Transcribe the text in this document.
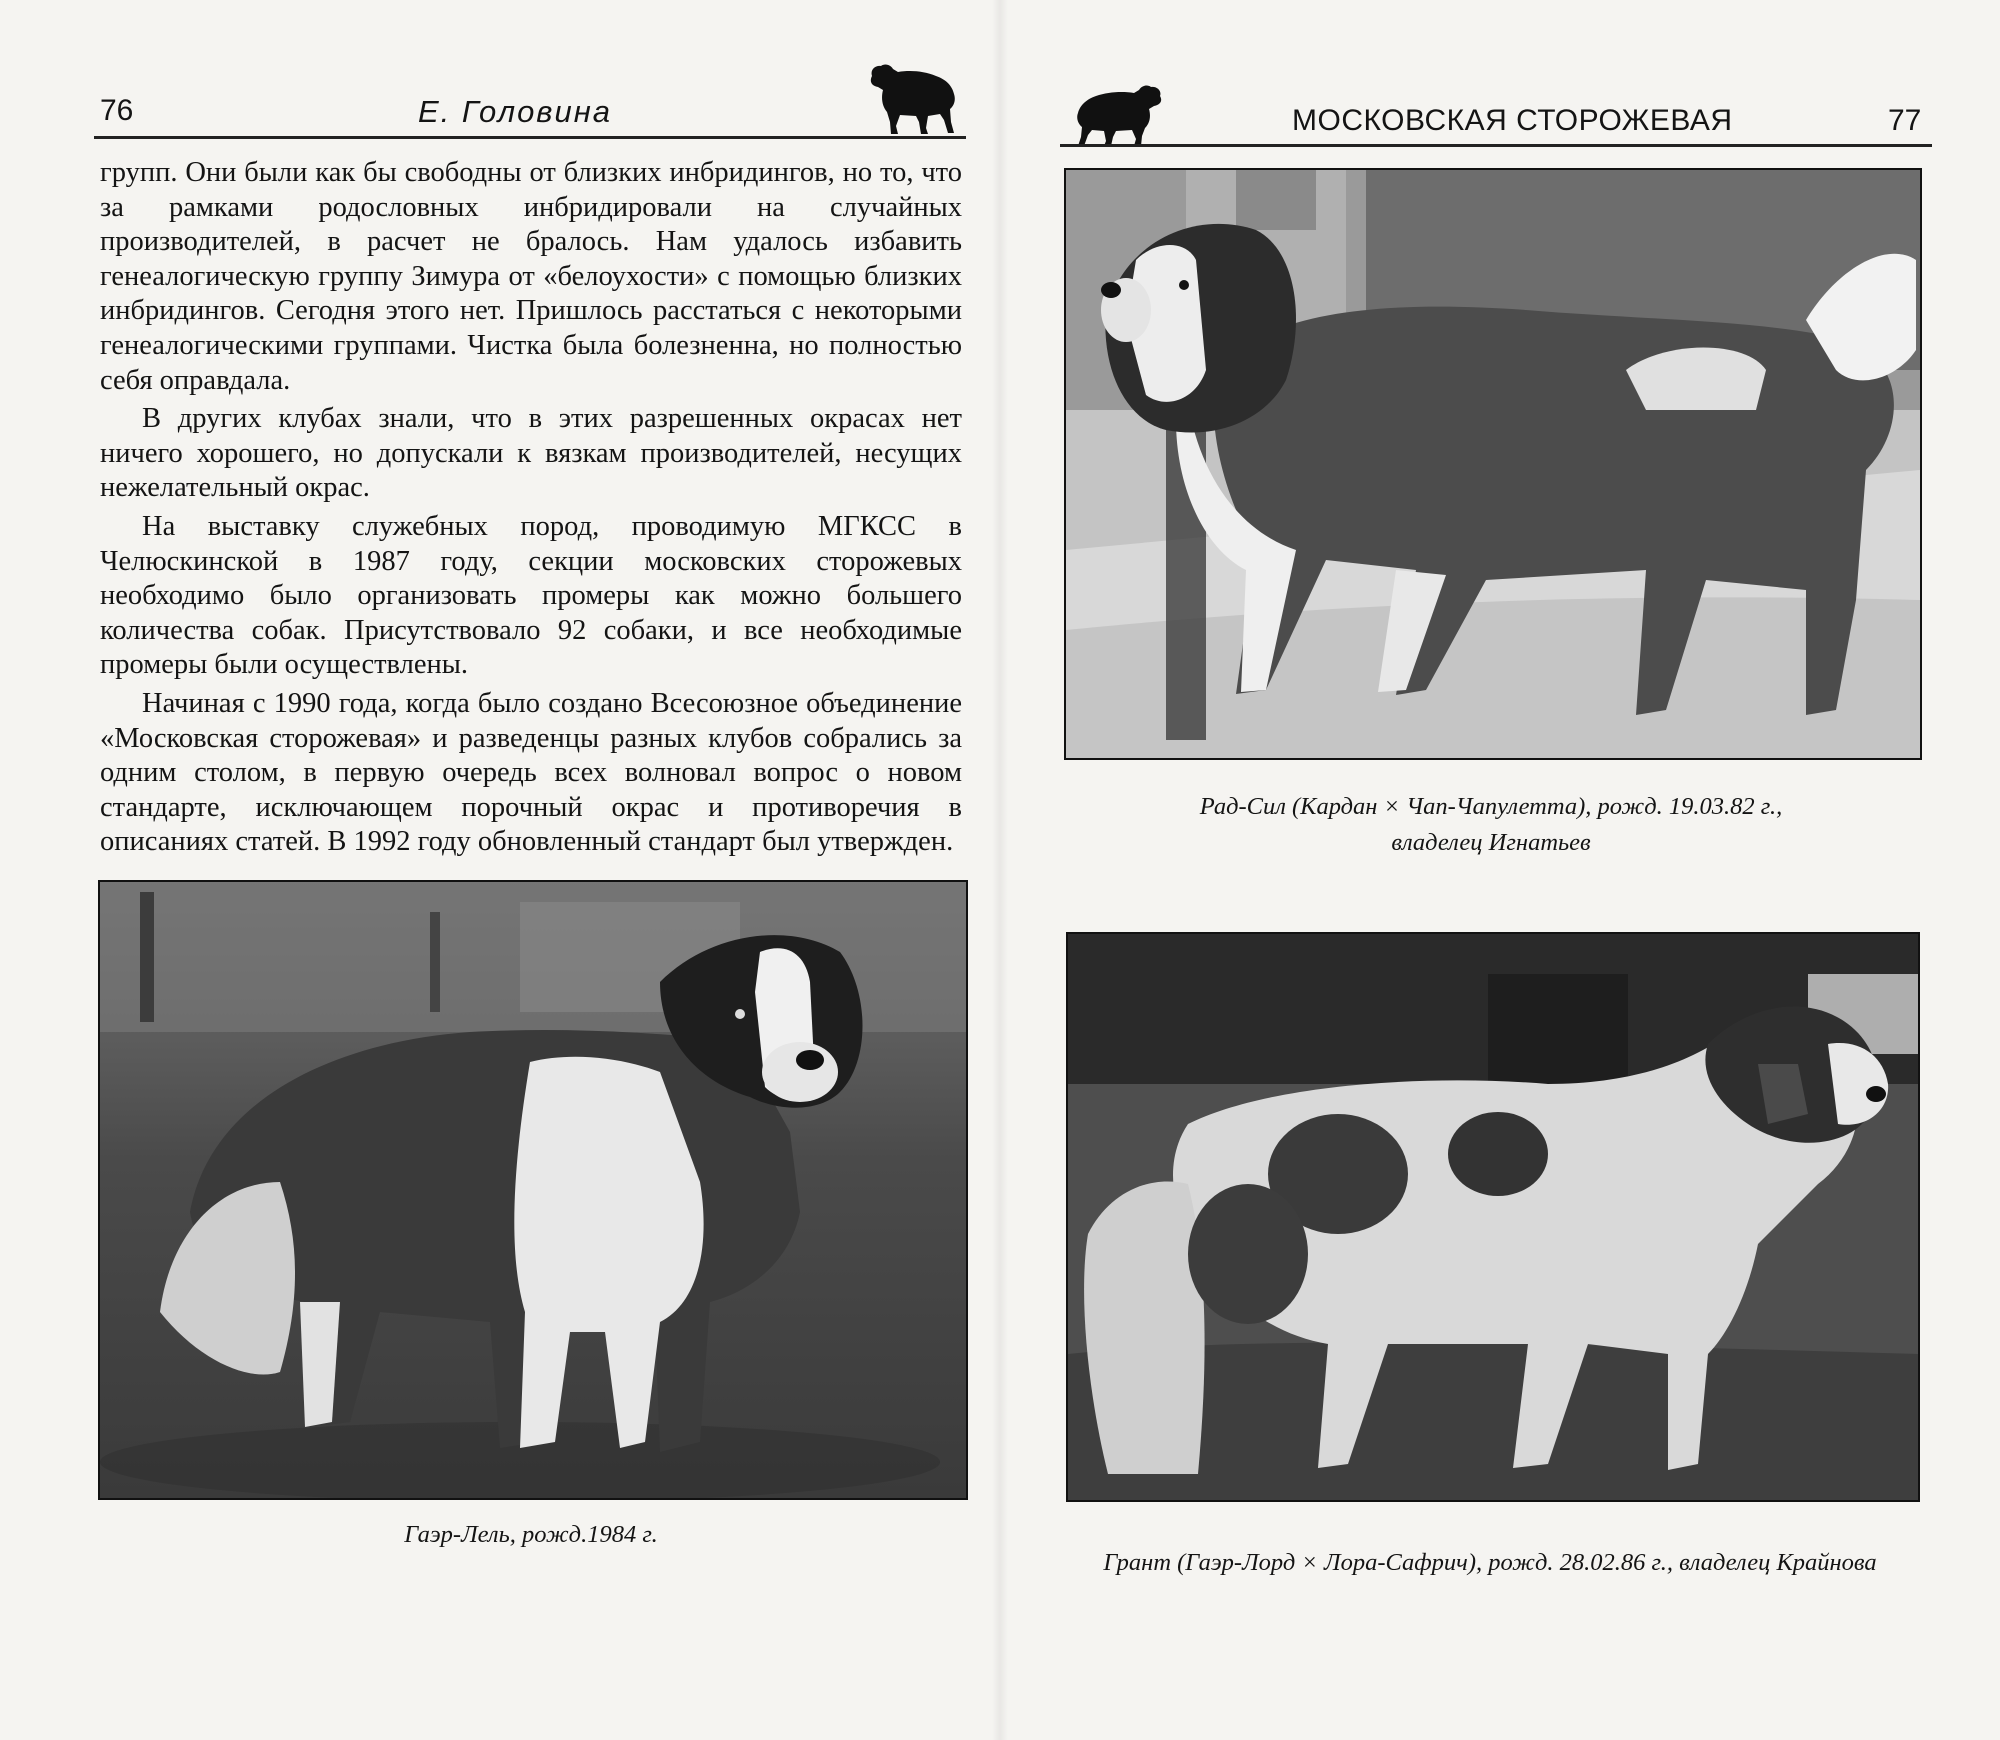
76	Е. Головина

групп. Они были как бы свободны от близких инбридингов, но то, что за рамками родословных инбридировали на случайных производителей, в расчет не бралось. Нам удалось избавить генеалогическую группу Зимура от «белоухости» с помощью близких инбридингов. Сегодня этого нет. Пришлось расстаться с некоторыми генеалогическими группами. Чистка была болезненна, но полностью себя оправдала.

В других клубах знали, что в этих разрешенных окрасах нет ничего хорошего, но допускали к вязкам производителей, несущих нежелательный окрас.

На выставку служебных пород, проводимую МГКСС в Челюскинской в 1987 году, секции московских сторожевых необходимо было организовать промеры как можно большего количества собак. Присутствовало 92 собаки, и все необходимые промеры были осуществлены.

Начиная с 1990 года, когда было создано Всесоюзное объединение «Московская сторожевая» и разведенцы разных клубов собрались за одним столом, в первую очередь всех волновал вопрос о новом стандарте, исключающем порочный окрас и противоречия в описаниях статей. В 1992 году обновленный стандарт был утвержден.

Гаэр-Лель, рожд.1984 г.
МОСКОВСКАЯ СТОРОЖЕВАЯ	77
Рад-Сил (Кардан × Чап-Чапулетта), рожд. 19.03.82 г.,
владелец Игнатьев
Грант (Гаэр-Лорд × Лора-Сафрич), рожд. 28.02.86 г., владелец Крайнова
